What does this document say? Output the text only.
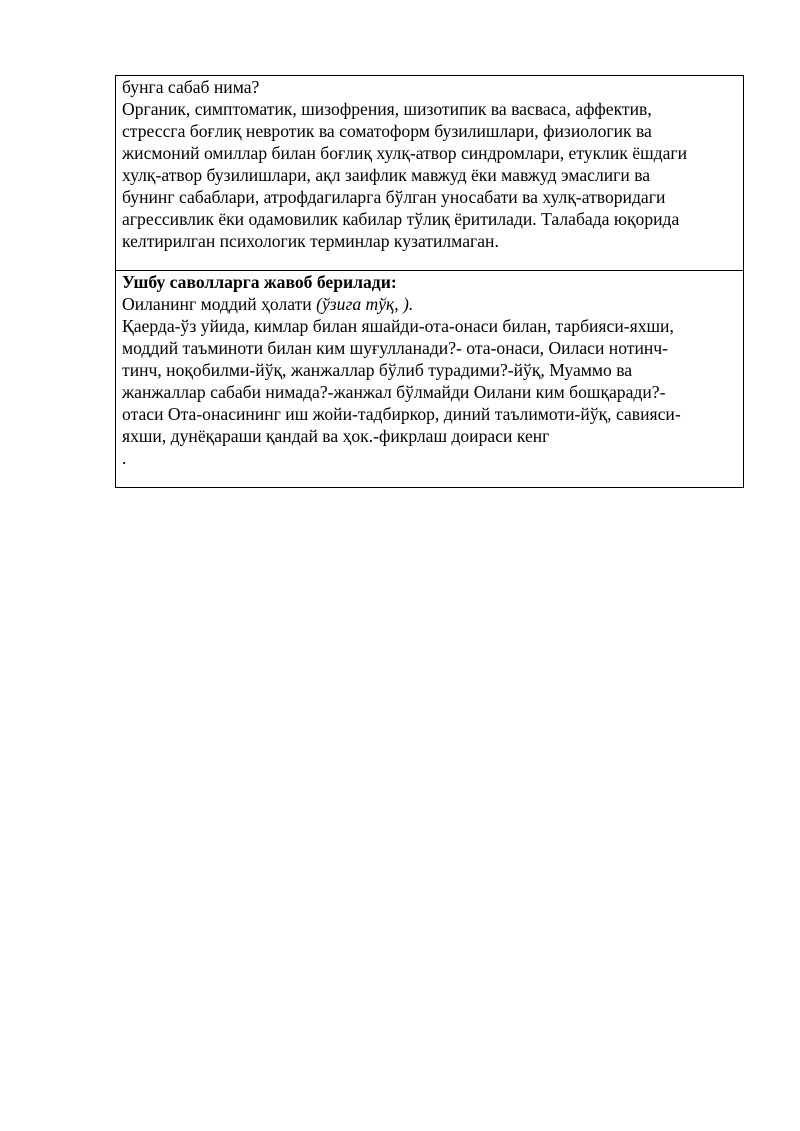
бунга сабаб нима?
Органик, симптоматик, шизофрения, шизотипик ва васваса, аффектив,
стрессга боғлиқ невротик ва соматоформ бузилишлари, физиологик ва
жисмоний омиллар билан боғлиқ хулқ-атвор синдромлари, етуклик ёшдаги
хулқ-атвор бузилишлари, ақл заифлик мавжуд ёки мавжуд эмаслиги ва
бунинг сабаблари, атрофдагиларга бўлган уносабати ва хулқ-атворидаги
агрессивлик ёки одамовилик кабилар тўлиқ ёритилади. Талабада юқорида
келтирилган психологик терминлар кузатилмаган.

Ушбу саволларга жавоб берилади:
Оиланинг моддий ҳолати (ўзига тўқ, ).
Қаерда-ўз уйида, кимлар билан яшайди-ота-онаси билан, тарбияси-яхши,
моддий таъминоти билан ким шуғулланади?- ота-онаси, Оиласи нотинч-
тинч, ноқобилми-йўқ, жанжаллар бўлиб турадими?-йўқ, Муаммо ва
жанжаллар сабаби нимада?-жанжал бўлмайди Оилани ким бошқаради?-
отаси Ота-онасининг иш жойи-тадбиркор, диний таълимоти-йўқ, савияси-
яхши, дунёқараши қандай ва ҳок.-фикрлаш доираси кенг
.
